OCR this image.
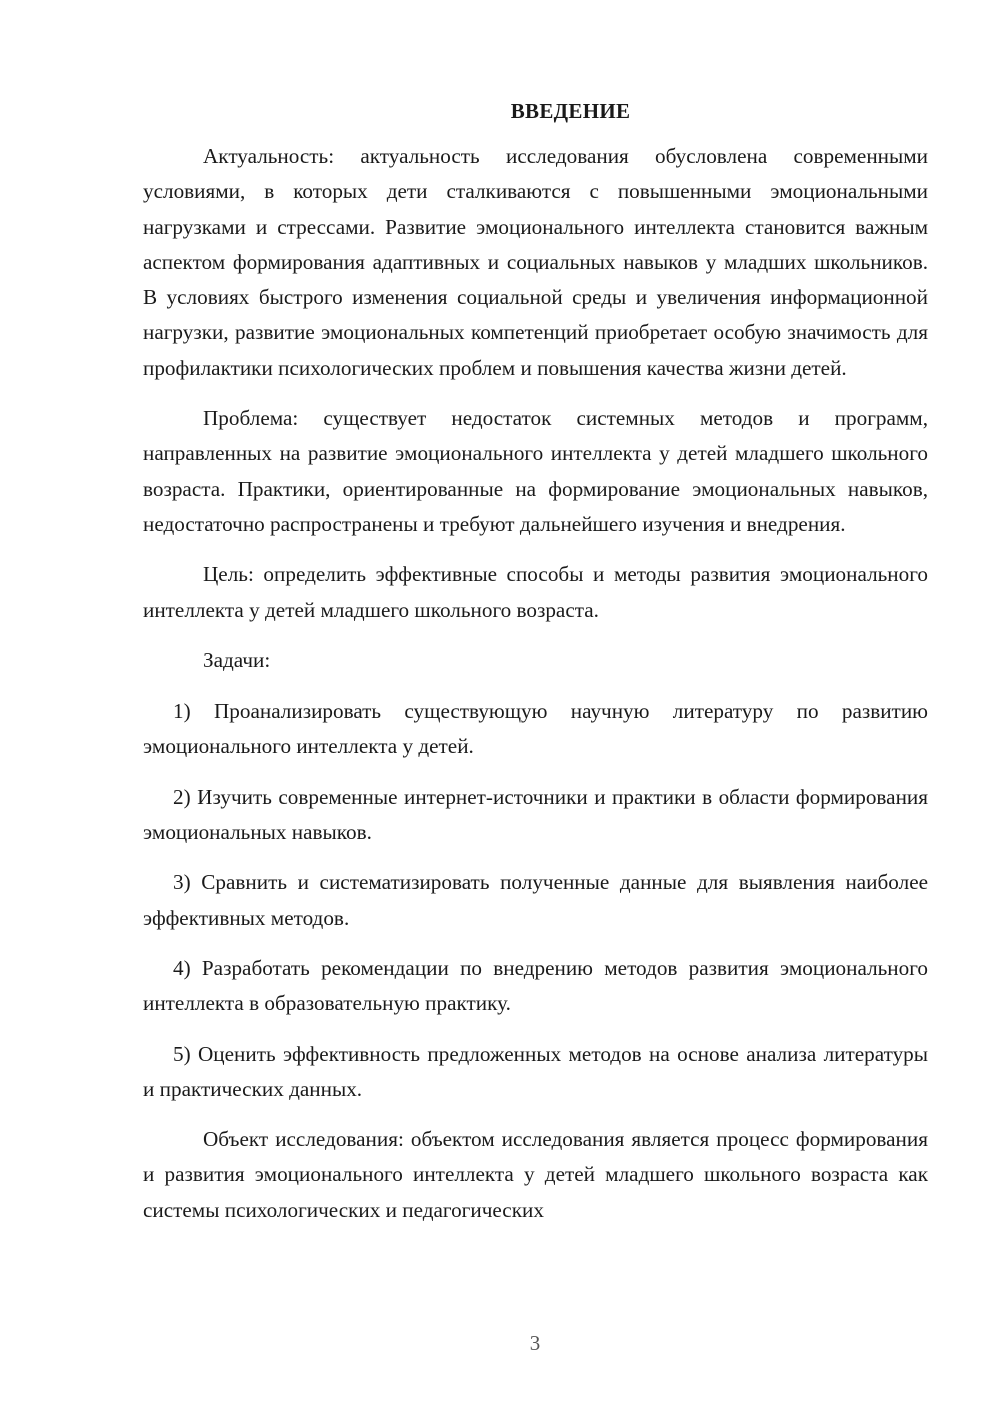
ВВЕДЕНИЕ

Актуальность: актуальность исследования обусловлена современными условиями, в которых дети сталкиваются с повышенными эмоциональными нагрузками и стрессами. Развитие эмоционального интеллекта становится важным аспектом формирования адаптивных и социальных навыков у младших школьников. В условиях быстрого изменения социальной среды и увеличения информационной нагрузки, развитие эмоциональных компетенций приобретает особую значимость для профилактики психологических проблем и повышения качества жизни детей.

Проблема: существует недостаток системных методов и программ, направленных на развитие эмоционального интеллекта у детей младшего школьного возраста. Практики, ориентированные на формирование эмоциональных навыков, недостаточно распространены и требуют дальнейшего изучения и внедрения.

Цель: определить эффективные способы и методы развития эмоционального интеллекта у детей младшего школьного возраста.

Задачи:

1) Проанализировать существующую научную литературу по развитию эмоционального интеллекта у детей.

2) Изучить современные интернет-источники и практики в области формирования эмоциональных навыков.

3) Сравнить и систематизировать полученные данные для выявления наиболее эффективных методов.

4) Разработать рекомендации по внедрению методов развития эмоционального интеллекта в образовательную практику.

5) Оценить эффективность предложенных методов на основе анализа литературы и практических данных.

Объект исследования: объектом исследования является процесс формирования и развития эмоционального интеллекта у детей младшего школьного возраста как системы психологических и педагогических

3
